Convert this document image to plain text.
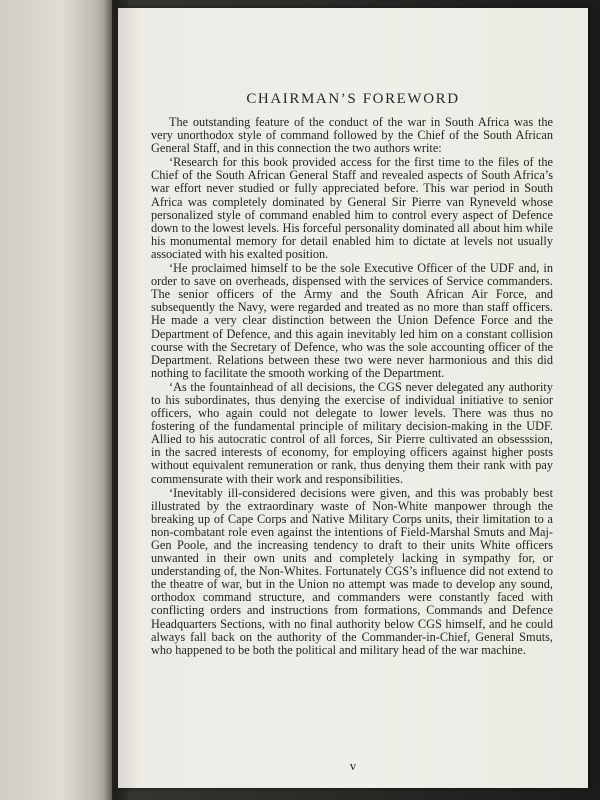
CHAIRMAN’S FOREWORD

The outstanding feature of the conduct of the war in South Africa was the very unorthodox style of command followed by the Chief of the South African General Staff, and in this connection the two authors write:

‘Research for this book provided access for the first time to the files of the Chief of the South African General Staff and revealed aspects of South Africa’s war effort never studied or fully appreciated before. This war period in South Africa was completely dominated by General Sir Pierre van Ryneveld whose personalized style of command enabled him to control every aspect of Defence down to the lowest levels. His forceful personality dominated all about him while his monumental memory for detail enabled him to dictate at levels not usually associated with his exalted position.

‘He proclaimed himself to be the sole Executive Officer of the UDF and, in order to save on overheads, dispensed with the services of Service commanders. The senior officers of the Army and the South African Air Force, and subsequently the Navy, were regarded and treated as no more than staff officers. He made a very clear distinction between the Union Defence Force and the Department of Defence, and this again inevitably led him on a constant collision course with the Secretary of Defence, who was the sole accounting officer of the Department. Relations between these two were never harmonious and this did nothing to facilitate the smooth working of the Department.

‘As the fountainhead of all decisions, the CGS never delegated any authority to his subordinates, thus denying the exercise of individual initiative to senior officers, who again could not delegate to lower levels. There was thus no fostering of the fundamental principle of military decision-making in the UDF. Allied to his autocratic control of all forces, Sir Pierre cultivated an obsesssion, in the sacred interests of economy, for employing officers against higher posts without equivalent remuneration or rank, thus denying them their rank with pay commensurate with their work and responsibilities.

‘Inevitably ill-considered decisions were given, and this was probably best illustrated by the extraordinary waste of Non-White manpower through the breaking up of Cape Corps and Native Military Corps units, their limitation to a non-combatant role even against the intentions of Field-Marshal Smuts and Maj-Gen Poole, and the increasing tendency to draft to their units White officers unwanted in their own units and completely lacking in sympathy for, or understanding of, the Non-Whites. Fortunately CGS’s influence did not extend to the theatre of war, but in the Union no attempt was made to develop any sound, orthodox command structure, and commanders were constantly faced with conflicting orders and instructions from formations, Commands and Defence Headquarters Sections, with no final authority below CGS himself, and he could always fall back on the authority of the Commander-in-Chief, General Smuts, who happened to be both the political and military head of the war machine.

v
